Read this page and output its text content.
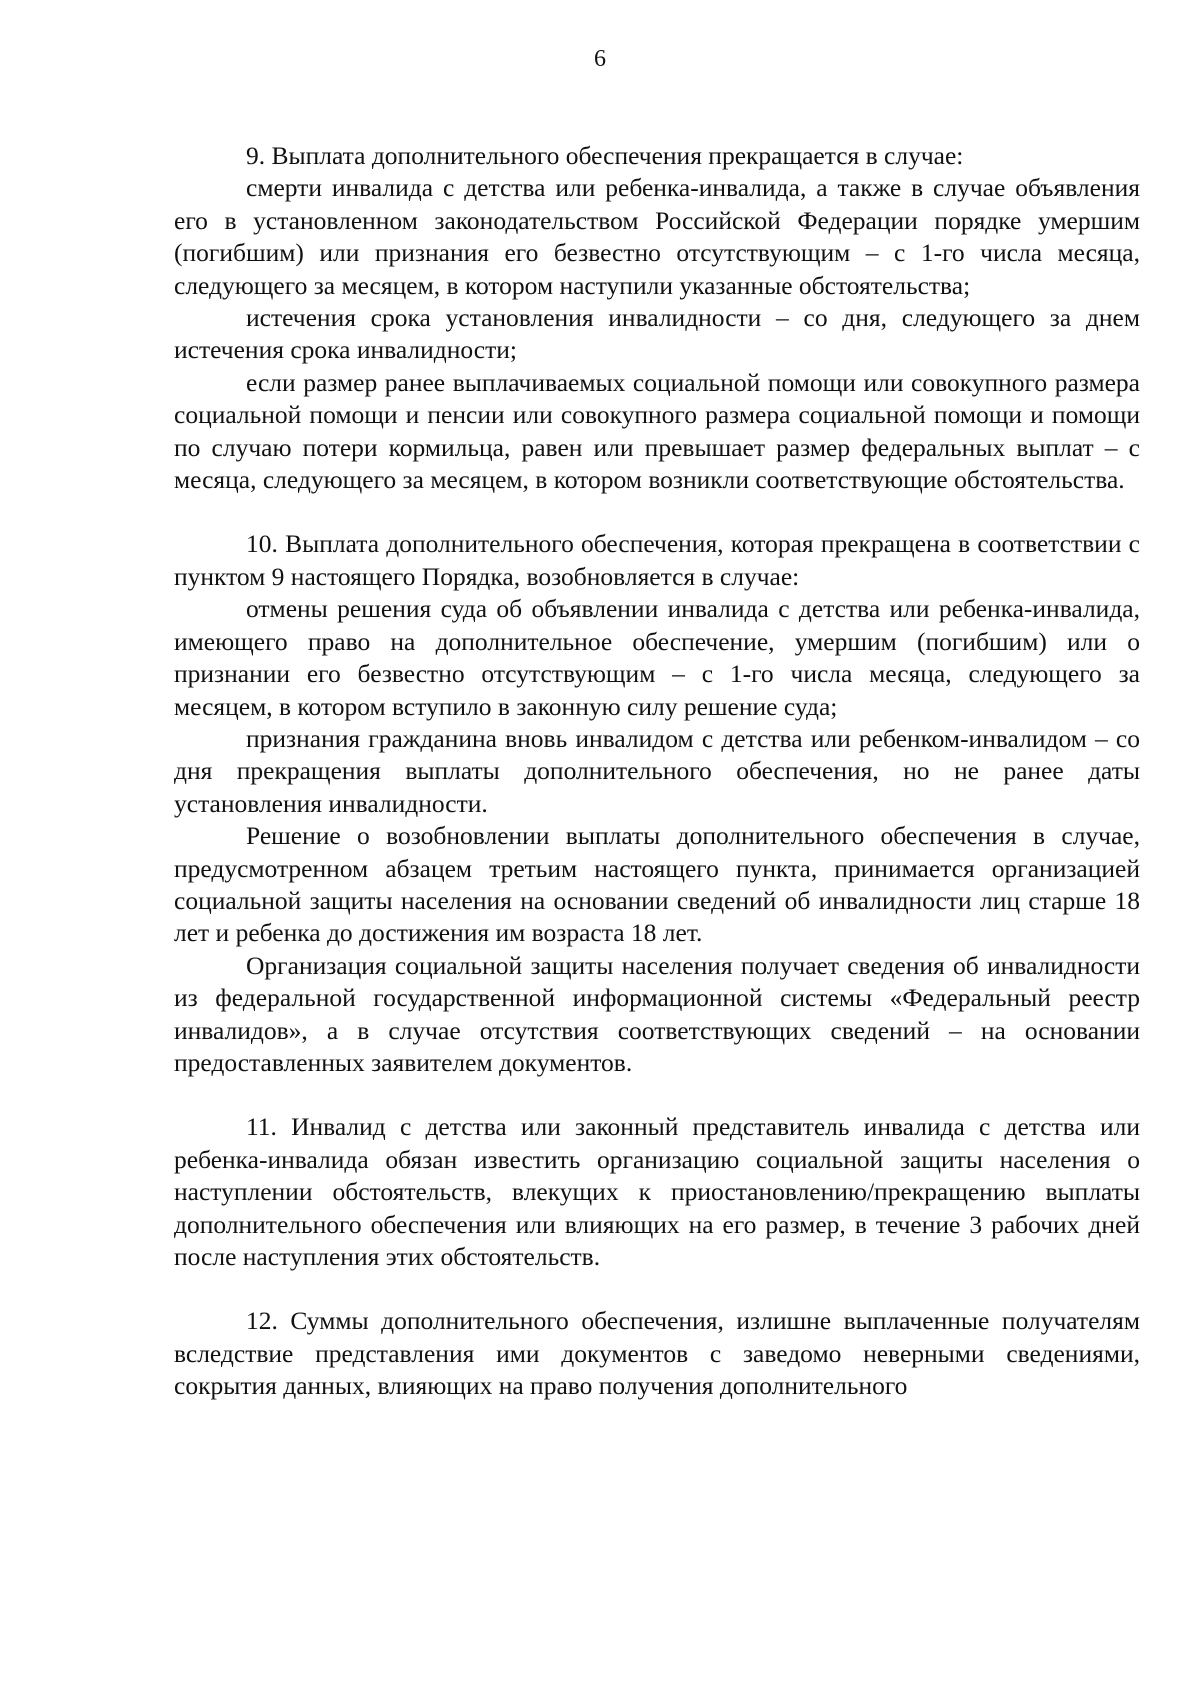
6

9. Выплата дополнительного обеспечения прекращается в случае:

смерти инвалида с детства или ребенка-инвалида, а также в случае объявления его в установленном законодательством Российской Федерации порядке умершим (погибшим) или признания его безвестно отсутствующим – с 1-го числа месяца, следующего за месяцем, в котором наступили указанные обстоятельства;

истечения срока установления инвалидности – со дня, следующего за днем истечения срока инвалидности;

если размер ранее выплачиваемых социальной помощи или совокупного размера социальной помощи и пенсии или совокупного размера социальной помощи и помощи по случаю потери кормильца, равен или превышает размер федеральных выплат – с месяца, следующего за месяцем, в котором возникли соответствующие обстоятельства.

10. Выплата дополнительного обеспечения, которая прекращена в соответствии с пунктом 9 настоящего Порядка, возобновляется в случае:

отмены решения суда об объявлении инвалида с детства или ребенка-инвалида, имеющего право на дополнительное обеспечение, умершим (погибшим) или о признании его безвестно отсутствующим – с 1-го числа месяца, следующего за месяцем, в котором вступило в законную силу решение суда;

признания гражданина вновь инвалидом с детства или ребенком-инвалидом – со дня прекращения выплаты дополнительного обеспечения, но не ранее даты установления инвалидности.

Решение о возобновлении выплаты дополнительного обеспечения в случае, предусмотренном абзацем третьим настоящего пункта, принимается организацией социальной защиты населения на основании сведений об инвалидности лиц старше 18 лет и ребенка до достижения им возраста 18 лет.

Организация социальной защиты населения получает сведения об инвалидности из федеральной государственной информационной системы «Федеральный реестр инвалидов», а в случае отсутствия соответствующих сведений – на основании предоставленных заявителем документов.

11. Инвалид с детства или законный представитель инвалида с детства или ребенка-инвалида обязан известить организацию социальной защиты населения о наступлении обстоятельств, влекущих к приостановлению/прекращению выплаты дополнительного обеспечения или влияющих на его размер, в течение 3 рабочих дней после наступления этих обстоятельств.

12. Суммы дополнительного обеспечения, излишне выплаченные получателям вследствие представления ими документов с заведомо неверными сведениями, сокрытия данных, влияющих на право получения дополнительного
